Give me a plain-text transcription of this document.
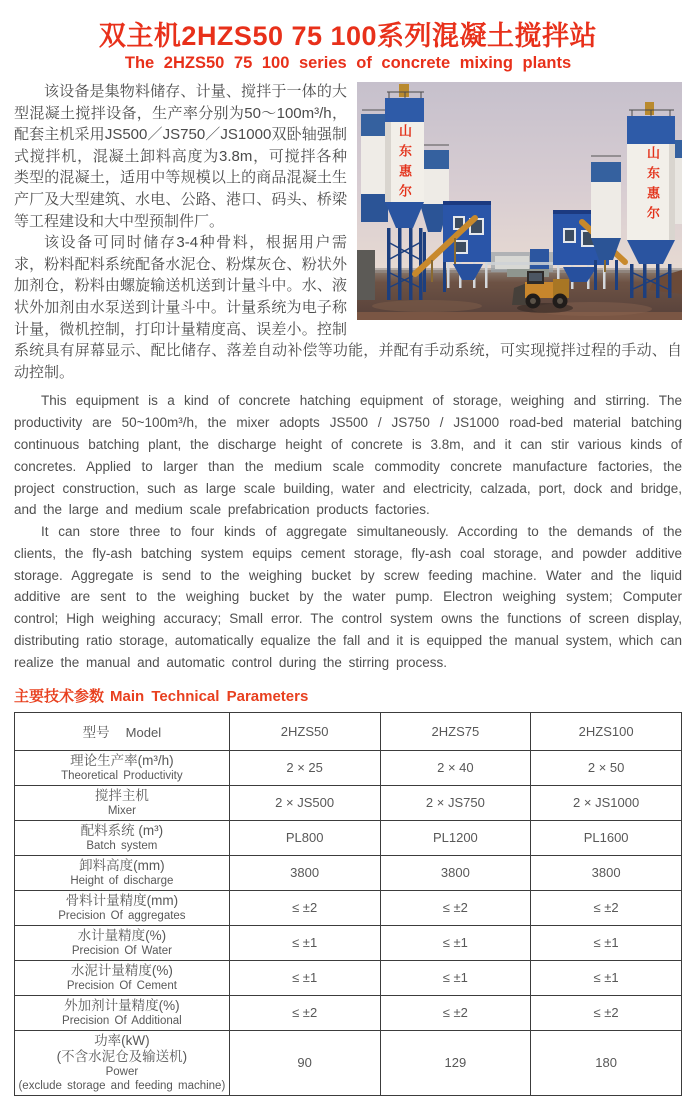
双主机2HZS50 75 100系列混凝土搅拌站
The 2HZS50 75 100 series of concrete mixing plants
山东惠尔	山东惠尔

该设备是集物料储存、计量、搅拌于一体的大型混凝土搅拌设备，生产率分别为50～100m³/h，配套主机采用JS500／JS750／JS1000双卧轴强制式搅拌机，混凝土卸料高度为3.8m，可搅拌各种类型的混凝土，适用中等规模以上的商品混凝土生产厂及大型建筑、水电、公路、港口、码头、桥梁等工程建设和大中型预制件厂。

该设备可同时储存3-4种骨料，根据用户需求，粉料配料系统配备水泥仓、粉煤灰仓、粉状外加剂仓，粉料由螺旋输送机送到计量斗中。水、液状外加剂由水泵送到计量斗中。计量系统为电子称计量，微机控制，打印计量精度高、误差小。控制系统具有屏幕显示、配比储存、落差自动补偿等功能，并配有手动系统，可实现搅拌过程的手动、自动控制。

This equipment is a kind of concrete hatching equipment of storage, weighing and stirring. The productivity are 50~100m³/h, the mixer adopts JS500 / JS750 / JS1000 road-bed material batching continuous batching plant, the discharge height of concrete is 3.8m, and it can stir various kinds of concretes. Applied to larger than the medium scale commodity concrete manufacture factories, the project construction, such as large scale building, water and electricity, calzada, port, dock and bridge, and the large and medium scale prefabrication products factories.

It can store three to four kinds of aggregate simultaneously. According to the demands of the clients, the fly-ash batching system equips cement storage, fly-ash coal storage, and powder additive storage. Aggregate is send to the weighing bucket by screw feeding machine. Water and the liquid additive are sent to the weighing bucket by the water pump. Electron weighing system; Computer control; High weighing accuracy; Small error. The control system owns the functions of screen display, distributing ratio storage, automatically equalize the fall and it is equipped the manual system, which can realize the manual and automatic control during the stirring process.

主要技术参数 Main Technical Parameters
型号 Model	2HZS50	2HZS75	2HZS100

理论生产率(m³/h)
Theoretical Productivity	2 × 25	2 × 40	2 × 50

搅拌主机
Mixer	2 × JS500	2 × JS750	2 × JS1000

配料系统 (m³)
Batch system	PL800	PL1200	PL1600

卸料高度(mm)
Height of discharge	3800	3800	3800

骨料计量精度(mm)
Precision Of aggregates	≤ ±2	≤ ±2	≤ ±2

水计量精度(%)
Precision Of Water	≤ ±1	≤ ±1	≤ ±1

水泥计量精度(%)
Precision Of Cement	≤ ±1	≤ ±1	≤ ±1

外加剂计量精度(%)
Precision Of Additional	≤ ±2	≤ ±2	≤ ±2

功率(kW)
(不含水泥仓及输送机)
Power
(exclude storage and feeding machine)	90	129	180
